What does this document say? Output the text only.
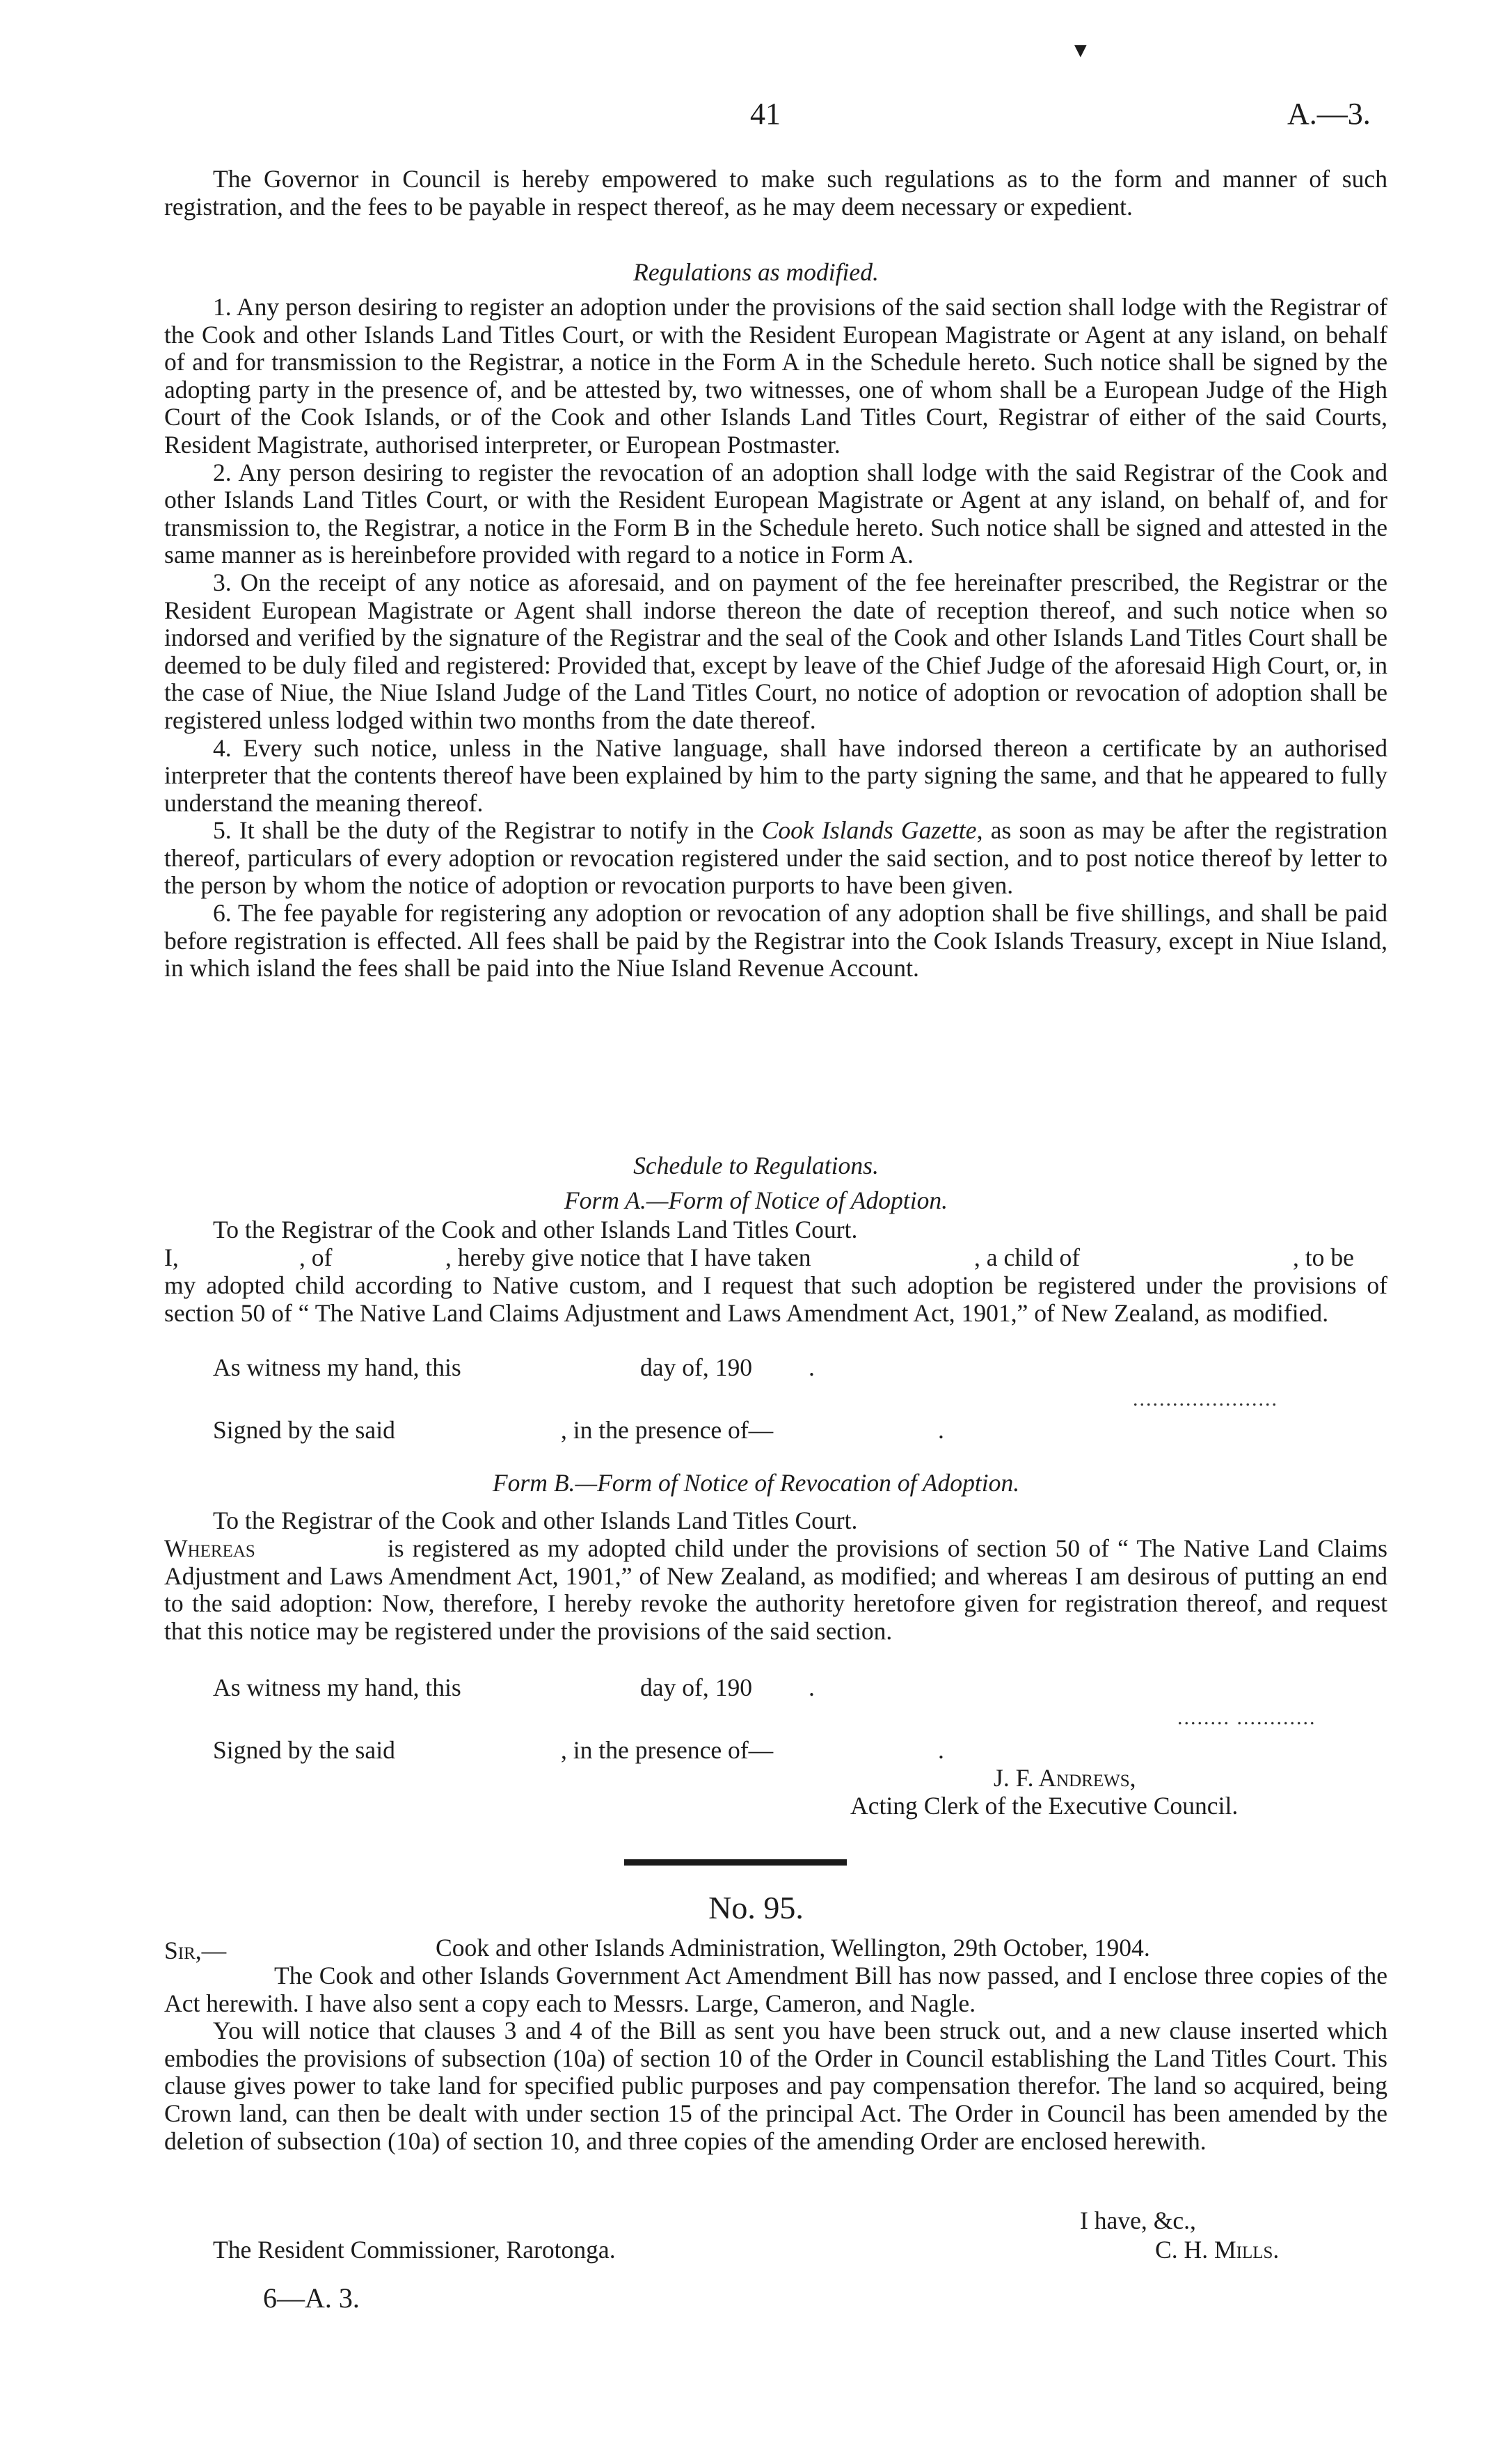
▼
41	A.—3.

The Governor in Council is hereby empowered to make such regulations as to the form and manner of such registration, and the fees to be payable in respect thereof, as he may deem necessary or expedient.

Regulations as modified.

1. Any person desiring to register an adoption under the provisions of the said section shall lodge with the Registrar of the Cook and other Islands Land Titles Court, or with the Resident European Magistrate or Agent at any island, on behalf of and for transmission to the Registrar, a notice in the Form A in the Schedule hereto. Such notice shall be signed by the adopting party in the presence of, and be attested by, two witnesses, one of whom shall be a European Judge of the High Court of the Cook Islands, or of the Cook and other Islands Land Titles Court, Registrar of either of the said Courts, Resident Magistrate, authorised interpreter, or European Postmaster.

2. Any person desiring to register the revocation of an adoption shall lodge with the said Registrar of the Cook and other Islands Land Titles Court, or with the Resident European Magistrate or Agent at any island, on behalf of, and for transmission to, the Registrar, a notice in the Form B in the Schedule hereto. Such notice shall be signed and attested in the same manner as is hereinbefore provided with regard to a notice in Form A.

3. On the receipt of any notice as aforesaid, and on payment of the fee hereinafter prescribed, the Registrar or the Resident European Magistrate or Agent shall indorse thereon the date of reception thereof, and such notice when so indorsed and verified by the signature of the Registrar and the seal of the Cook and other Islands Land Titles Court shall be deemed to be duly filed and registered: Provided that, except by leave of the Chief Judge of the aforesaid High Court, or, in the case of Niue, the Niue Island Judge of the Land Titles Court, no notice of adoption or revocation of adoption shall be registered unless lodged within two months from the date thereof.

4. Every such notice, unless in the Native language, shall have indorsed thereon a certificate by an authorised interpreter that the contents thereof have been explained by him to the party signing the same, and that he appeared to fully understand the meaning thereof.

5. It shall be the duty of the Registrar to notify in the Cook Islands Gazette, as soon as may be after the registration thereof, particulars of every adoption or revocation registered under the said section, and to post notice thereof by letter to the person by whom the notice of adoption or revocation purports to have been given.

6. The fee payable for registering any adoption or revocation of any adoption shall be five shillings, and shall be paid before registration is effected. All fees shall be paid by the Registrar into the Cook Islands Treasury, except in Niue Island, in which island the fees shall be paid into the Niue Island Revenue Account.

Schedule to Regulations.
Form A.—Form of Notice of Adoption.
To the Registrar of the Cook and other Islands Land Titles Court.
I,	, of	, hereby give notice that I have taken	, a child of	, to be

my adopted child according to Native custom, and I request that such adoption be registered under the provisions of section 50 of “ The Native Land Claims Adjustment and Laws Amendment Act, 1901,” of New Zealand, as modified.

As witness my hand, this	day of, 190 .
......................
Signed by the said	, in the presence of—	.
Form B.—Form of Notice of Revocation of Adoption.
To the Registrar of the Cook and other Islands Land Titles Court.

Whereas	is registered as my adopted child under the provisions of section 50 of “ The Native Land Claims Adjustment and Laws Amendment Act, 1901,” of New Zealand, as modified; and whereas I am desirous of putting an end to the said adoption: Now, therefore, I hereby revoke the authority heretofore given for registration thereof, and request that this notice may be registered under the provisions of the said section.

As witness my hand, this	day of, 190 .
........ ............
Signed by the said	, in the presence of—	.
J. F. Andrews,
Acting Clerk of the Executive Council.
No. 95.
Sir,—	Cook and other Islands Administration, Wellington, 29th October, 1904.

The Cook and other Islands Government Act Amendment Bill has now passed, and I enclose three copies of the Act herewith. I have also sent a copy each to Messrs. Large, Cameron, and Nagle.

You will notice that clauses 3 and 4 of the Bill as sent you have been struck out, and a new clause inserted which embodies the provisions of subsection (10a) of section 10 of the Order in Council establishing the Land Titles Court. This clause gives power to take land for specified public purposes and pay compensation therefor. The land so acquired, being Crown land, can then be dealt with under section 15 of the principal Act. The Order in Council has been amended by the deletion of subsection (10a) of section 10, and three copies of the amending Order are enclosed herewith.

I have, &c.,
The Resident Commissioner, Rarotonga.	C. H. Mills.
6—A. 3.
